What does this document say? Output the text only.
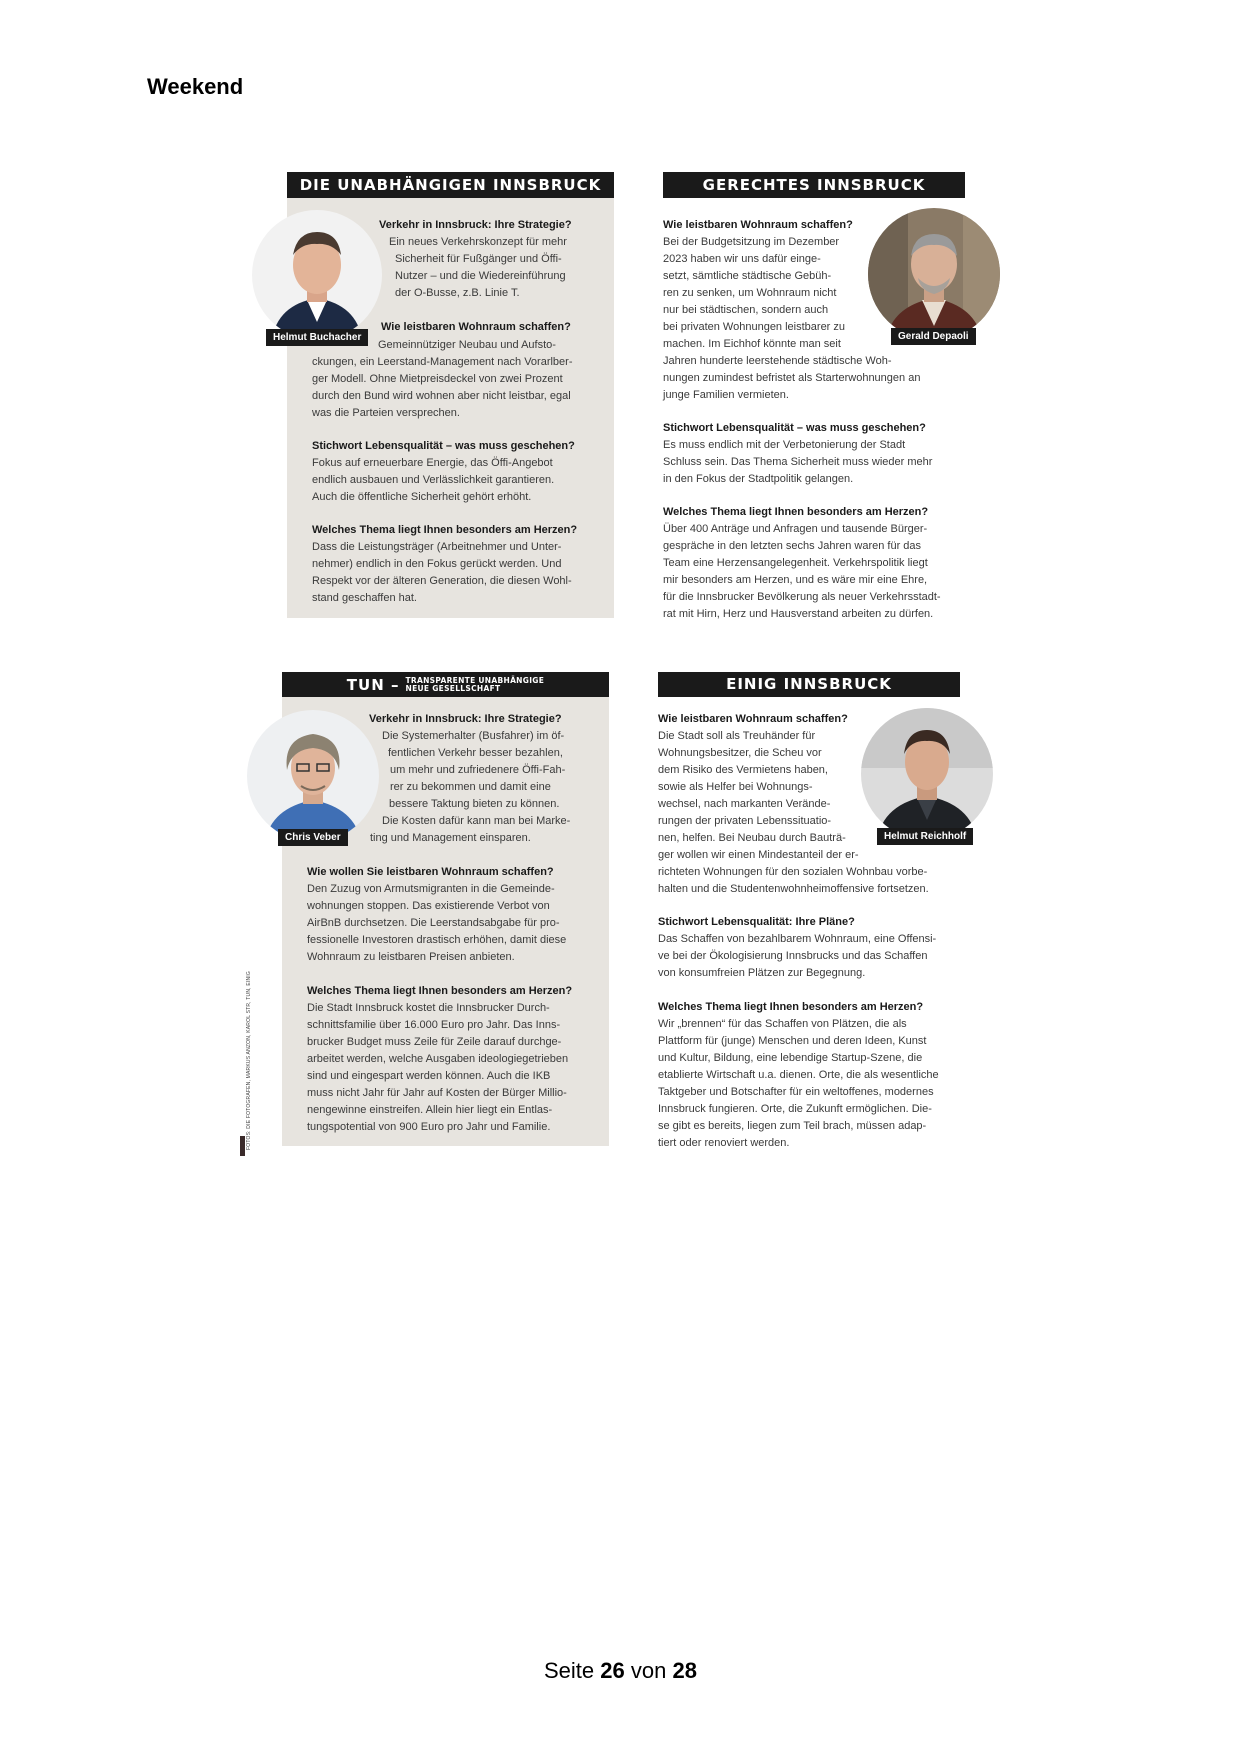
Weekend
DIE UNABHÄNGIGEN INNSBRUCK
Helmut Buchacher
Verkehr in Innsbruck: Ihre Strategie?
Ein neues Verkehrskonzept für mehr
Sicherheit für Fußgänger und Öffi-
Nutzer – und die Wiedereinführung
der O-Busse, z.B. Linie T.
Wie leistbaren Wohnraum schaffen?
Gemeinnütziger Neubau und Aufsto-
ckungen, ein Leerstand-Management nach Vorarlber-
ger Modell. Ohne Mietpreisdeckel von zwei Prozent
durch den Bund wird wohnen aber nicht leistbar, egal
was die Parteien versprechen.
Stichwort Lebensqualität – was muss geschehen?
Fokus auf erneuerbare Energie, das Öffi-Angebot
endlich ausbauen und Verlässlichkeit garantieren.
Auch die öffentliche Sicherheit gehört erhöht.
Welches Thema liegt Ihnen besonders am Herzen?
Dass die Leistungsträger (Arbeitnehmer und Unter-
nehmer) endlich in den Fokus gerückt werden. Und
Respekt vor der älteren Generation, die diesen Wohl-
stand geschaffen hat.
GERECHTES INNSBRUCK
Gerald Depaoli
Wie leistbaren Wohnraum schaffen?
Bei der Budgetsitzung im Dezember
2023 haben wir uns dafür einge-
setzt, sämtliche städtische Gebüh-
ren zu senken, um Wohnraum nicht
nur bei städtischen, sondern auch
bei privaten Wohnungen leistbarer zu
machen. Im Eichhof könnte man seit
Jahren hunderte leerstehende städtische Woh-
nungen zumindest befristet als Starterwohnungen an
junge Familien vermieten.
Stichwort Lebensqualität – was muss geschehen?
Es muss endlich mit der Verbetonierung der Stadt
Schluss sein. Das Thema Sicherheit muss wieder mehr
in den Fokus der Stadtpolitik gelangen.
Welches Thema liegt Ihnen besonders am Herzen?
Über 400 Anträge und Anfragen und tausende Bürger-
gespräche in den letzten sechs Jahren waren für das
Team eine Herzensangelegenheit. Verkehrspolitik liegt
mir besonders am Herzen, und es wäre mir eine Ehre,
für die Innsbrucker Bevölkerung als neuer Verkehrsstadt-
rat mit Hirn, Herz und Hausverstand arbeiten zu dürfen.
TUN – TRANSPARENTE UNABHÄNGIGE
NEUE GESELLSCHAFT
Chris Veber
Verkehr in Innsbruck: Ihre Strategie?
Die Systemerhalter (Busfahrer) im öf-
fentlichen Verkehr besser bezahlen,
um mehr und zufriedenere Öffi-Fah-
rer zu bekommen und damit eine
bessere Taktung bieten zu können.
Die Kosten dafür kann man bei Marke-
ting und Management einsparen.
Wie wollen Sie leistbaren Wohnraum schaffen?
Den Zuzug von Armutsmigranten in die Gemeinde-
wohnungen stoppen. Das existierende Verbot von
AirBnB durchsetzen. Die Leerstandsabgabe für pro-
fessionelle Investoren drastisch erhöhen, damit diese
Wohnraum zu leistbaren Preisen anbieten.
Welches Thema liegt Ihnen besonders am Herzen?
Die Stadt Innsbruck kostet die Innsbrucker Durch-
schnittsfamilie über 16.000 Euro pro Jahr. Das Inns-
brucker Budget muss Zeile für Zeile darauf durchge-
arbeitet werden, welche Ausgaben ideologiegetrieben
sind und eingespart werden können. Auch die IKB
muss nicht Jahr für Jahr auf Kosten der Bürger Millio-
nengewinne einstreifen. Allein hier liegt ein Entlas-
tungspotential von 900 Euro pro Jahr und Familie.
EINIG INNSBRUCK
Helmut Reichholf
Wie leistbaren Wohnraum schaffen?
Die Stadt soll als Treuhänder für
Wohnungsbesitzer, die Scheu vor
dem Risiko des Vermietens haben,
sowie als Helfer bei Wohnungs-
wechsel, nach markanten Verände-
rungen der privaten Lebenssituatio-
nen, helfen. Bei Neubau durch Bauträ-
ger wollen wir einen Mindestanteil der er-
richteten Wohnungen für den sozialen Wohnbau vorbe-
halten und die Studentenwohnheimoffensive fortsetzen.
Stichwort Lebensqualität: Ihre Pläne?
Das Schaffen von bezahlbarem Wohnraum, eine Offensi-
ve bei der Ökologisierung Innsbrucks und das Schaffen
von konsumfreien Plätzen zur Begegnung.
Welches Thema liegt Ihnen besonders am Herzen?
Wir „brennen“ für das Schaffen von Plätzen, die als
Plattform für (junge) Menschen und deren Ideen, Kunst
und Kultur, Bildung, eine lebendige Startup-Szene, die
etablierte Wirtschaft u.a. dienen. Orte, die als wesentliche
Taktgeber und Botschafter für ein weltoffenes, modernes
Innsbruck fungieren. Orte, die Zukunft ermöglichen. Die-
se gibt es bereits, liegen zum Teil brach, müssen adap-
tiert oder renoviert werden.
FOTOS: DIE FOTOGRAFEN, MARKUS ANZON, KAROL STR, TUN, EINIG
Seite 26 von 28
